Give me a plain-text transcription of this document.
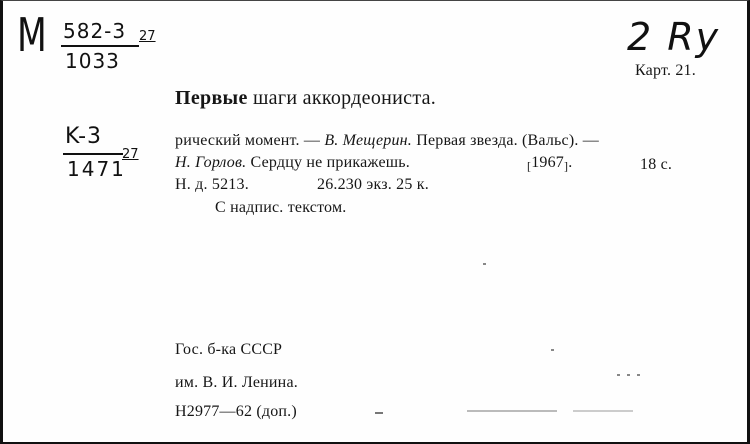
M 582-3
1033
27	2 Ry
Карт. 21.
Первые шаги аккордеониста.
K-3
1471
27
рический момент. — В. Мещерин. Первая звезда. (Вальс). —
Н. Горлов. Сердцу не прикажешь.	[1967].	18 с.
Н. д. 5213.	26.230 экз. 25 к.
С надпис. текстом.
Гос. б-ка СССР
им. В. И. Ленина.
Н2977—62 (доп.)
